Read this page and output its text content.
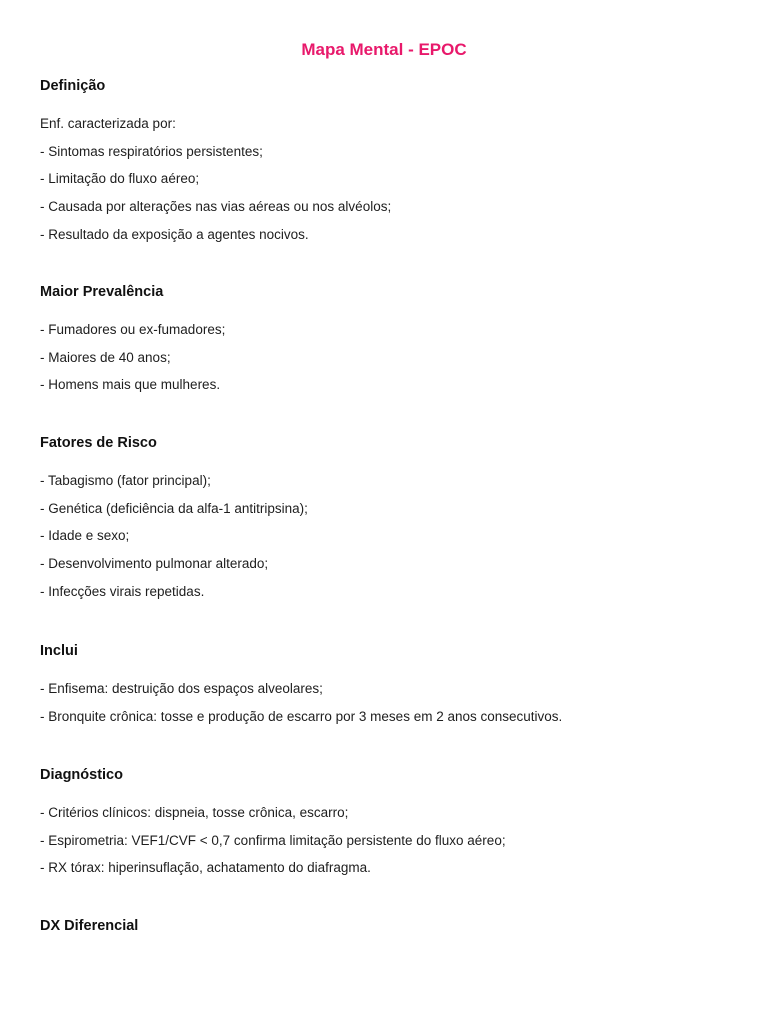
Mapa Mental - EPOC
Definição

Enf. caracterizada por:

- Sintomas respiratórios persistentes;

- Limitação do fluxo aéreo;

- Causada por alterações nas vias aéreas ou nos alvéolos;

- Resultado da exposição a agentes nocivos.

Maior Prevalência

- Fumadores ou ex-fumadores;

- Maiores de 40 anos;

- Homens mais que mulheres.

Fatores de Risco

- Tabagismo (fator principal);

- Genética (deficiência da alfa-1 antitripsina);

- Idade e sexo;

- Desenvolvimento pulmonar alterado;

- Infecções virais repetidas.

Inclui

- Enfisema: destruição dos espaços alveolares;

- Bronquite crônica: tosse e produção de escarro por 3 meses em 2 anos consecutivos.

Diagnóstico

- Critérios clínicos: dispneia, tosse crônica, escarro;

- Espirometria: VEF1/CVF < 0,7 confirma limitação persistente do fluxo aéreo;

- RX tórax: hiperinsuflação, achatamento do diafragma.

DX Diferencial
